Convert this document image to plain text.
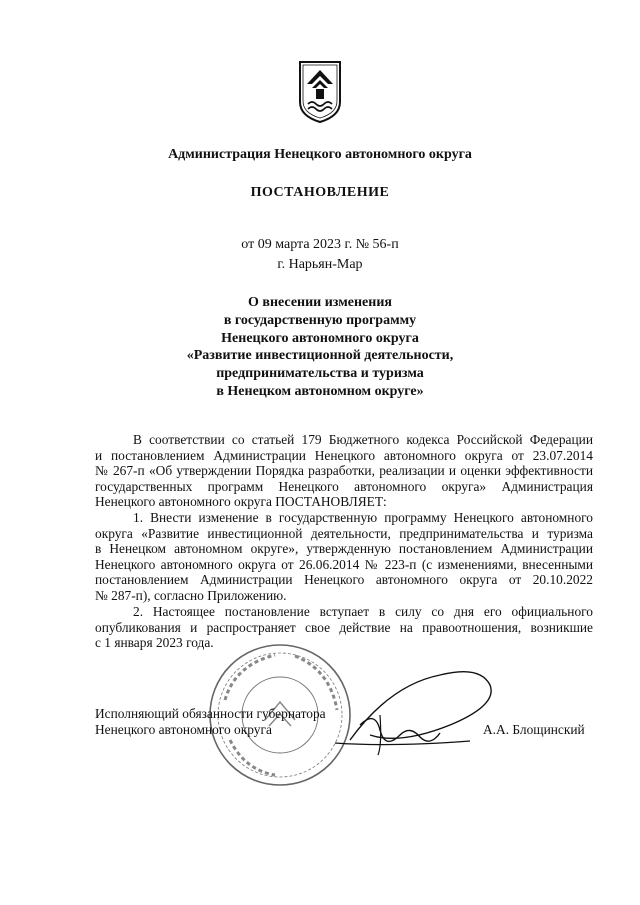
Администрация Ненецкого автономного округа
ПОСТАНОВЛЕНИЕ
от 09 марта 2023 г. № 56-п
г. Нарьян-Мар
О внесении изменения
в государственную программу
Ненецкого автономного округа
«Развитие инвестиционной деятельности,
предпринимательства и туризма
в Ненецком автономном округе»
В соответствии со статьей 179 Бюджетного кодекса Российской Федерации
и постановлением Администрации Ненецкого автономного округа от 23.07.2014
№ 267-п «Об утверждении Порядка разработки, реализации и оценки эффективности
государственных программ Ненецкого автономного округа» Администрация
Ненецкого автономного округа ПОСТАНОВЛЯЕТ:
1. Внести изменение в государственную программу Ненецкого автономного
округа «Развитие инвестиционной деятельности, предпринимательства и туризма
в Ненецком автономном округе», утвержденную постановлением Администрации
Ненецкого автономного округа от 26.06.2014 № 223-п (с изменениями, внесенными
постановлением Администрации Ненецкого автономного округа от 20.10.2022
№ 287-п), согласно Приложению.
2. Настоящее постановление вступает в силу со дня его официального
опубликования и распространяет свое действие на правоотношения, возникшие
с 1 января 2023 года.
Исполняющий обязанности губернатора
Ненецкого автономного округа	А.А. Блощинский
